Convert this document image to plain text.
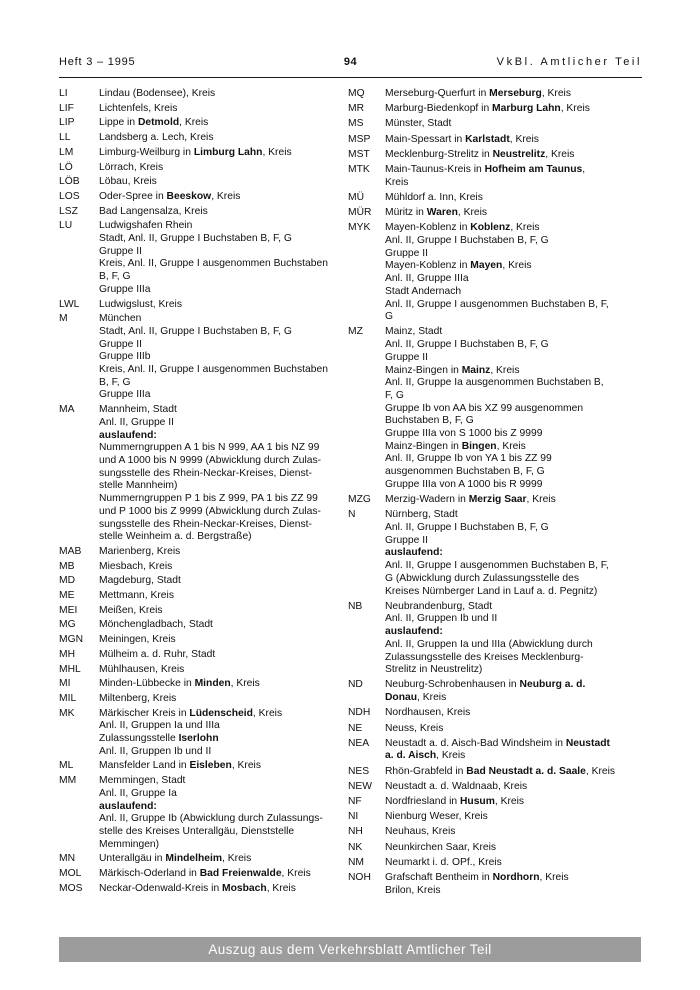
Heft 3 – 1995	94	VkBl. Amtlicher Teil
LI	Lindau (Bodensee), Kreis
LIF	Lichtenfels, Kreis
LIP	Lippe in Detmold, Kreis
LL	Landsberg a. Lech, Kreis
LM	Limburg-Weilburg in Limburg Lahn, Kreis
LÖ	Lörrach, Kreis
LÖB	Löbau, Kreis
LOS	Oder-Spree in Beeskow, Kreis
LSZ	Bad Langensalza, Kreis
LU	Ludwigshafen Rhein
Stadt, Anl. II, Gruppe I Buchstaben B, F, G
Gruppe II
Kreis, Anl. II, Gruppe I ausgenommen Buchstaben
B, F, G
Gruppe IIIa
LWL	Ludwigslust, Kreis
M	München
Stadt, Anl. II, Gruppe I Buchstaben B, F, G
Gruppe II
Gruppe IIIb
Kreis, Anl. II, Gruppe I ausgenommen Buchstaben
B, F, G
Gruppe IIIa
MA	Mannheim, Stadt
Anl. II, Gruppe II
auslaufend:
Nummerngruppen A 1 bis N 999, AA 1 bis NZ 99
und A 1000 bis N 9999 (Abwicklung durch Zulas-
sungsstelle des Rhein-Neckar-Kreises, Dienst-
stelle Mannheim)
Nummerngruppen P 1 bis Z 999, PA 1 bis ZZ 99
und P 1000 bis Z 9999 (Abwicklung durch Zulas-
sungsstelle des Rhein-Neckar-Kreises, Dienst-
stelle Weinheim a. d. Bergstraße)
MAB	Marienberg, Kreis
MB	Miesbach, Kreis
MD	Magdeburg, Stadt
ME	Mettmann, Kreis
MEI	Meißen, Kreis
MG	Mönchengladbach, Stadt
MGN	Meiningen, Kreis
MH	Mülheim a. d. Ruhr, Stadt
MHL	Mühlhausen, Kreis
MI	Minden-Lübbecke in Minden, Kreis
MIL	Miltenberg, Kreis
MK	Märkischer Kreis in Lüdenscheid, Kreis
Anl. II, Gruppen Ia und IIIa
Zulassungsstelle Iserlohn
Anl. II, Gruppen Ib und II
ML	Mansfelder Land in Eisleben, Kreis
MM	Memmingen, Stadt
Anl. II, Gruppe Ia
auslaufend:
Anl. II, Gruppe Ib (Abwicklung durch Zulassungs-
stelle des Kreises Unterallgäu, Dienststelle
Memmingen)
MN	Unterallgäu in Mindelheim, Kreis
MOL	Märkisch-Oderland in Bad Freienwalde, Kreis
MOS	Neckar-Odenwald-Kreis in Mosbach, Kreis
MQ	Merseburg-Querfurt in Merseburg, Kreis
MR	Marburg-Biedenkopf in Marburg Lahn, Kreis
MS	Münster, Stadt
MSP	Main-Spessart in Karlstadt, Kreis
MST	Mecklenburg-Strelitz in Neustrelitz, Kreis
MTK	Main-Taunus-Kreis in Hofheim am Taunus,
Kreis
MÜ	Mühldorf a. Inn, Kreis
MÜR	Müritz in Waren, Kreis
MYK	Mayen-Koblenz in Koblenz, Kreis
Anl. II, Gruppe I Buchstaben B, F, G
Gruppe II
Mayen-Koblenz in Mayen, Kreis
Anl. II, Gruppe IIIa
Stadt Andernach
Anl. II, Gruppe I ausgenommen Buchstaben B, F,
G
MZ	Mainz, Stadt
Anl. II, Gruppe I Buchstaben B, F, G
Gruppe II
Mainz-Bingen in Mainz, Kreis
Anl. II, Gruppe Ia ausgenommen Buchstaben B,
F, G
Gruppe Ib von AA bis XZ 99 ausgenommen
Buchstaben B, F, G
Gruppe IIIa von S 1000 bis Z 9999
Mainz-Bingen in Bingen, Kreis
Anl. II, Gruppe Ib von YA 1 bis ZZ 99
ausgenommen Buchstaben B, F, G
Gruppe IIIa von A 1000 bis R 9999
MZG	Merzig-Wadern in Merzig Saar, Kreis
N	Nürnberg, Stadt
Anl. II, Gruppe I Buchstaben B, F, G
Gruppe II
auslaufend:
Anl. II, Gruppe I ausgenommen Buchstaben B, F,
G (Abwicklung durch Zulassungsstelle des
Kreises Nürnberger Land in Lauf a. d. Pegnitz)
NB	Neubrandenburg, Stadt
Anl. II, Gruppen Ib und II
auslaufend:
Anl. II, Gruppen Ia und IIIa (Abwicklung durch
Zulassungsstelle des Kreises Mecklenburg-
Strelitz in Neustrelitz)
ND	Neuburg-Schrobenhausen in Neuburg a. d.
Donau, Kreis
NDH	Nordhausen, Kreis
NE	Neuss, Kreis
NEA	Neustadt a. d. Aisch-Bad Windsheim in Neustadt
a. d. Aisch, Kreis
NES	Rhön-Grabfeld in Bad Neustadt a. d. Saale, Kreis
NEW	Neustadt a. d. Waldnaab, Kreis
NF	Nordfriesland in Husum, Kreis
NI	Nienburg Weser, Kreis
NH	Neuhaus, Kreis
NK	Neunkirchen Saar, Kreis
NM	Neumarkt i. d. OPf., Kreis
NOH	Grafschaft Bentheim in Nordhorn, Kreis
Brilon, Kreis
Auszug aus dem Verkehrsblatt Amtlicher Teil
